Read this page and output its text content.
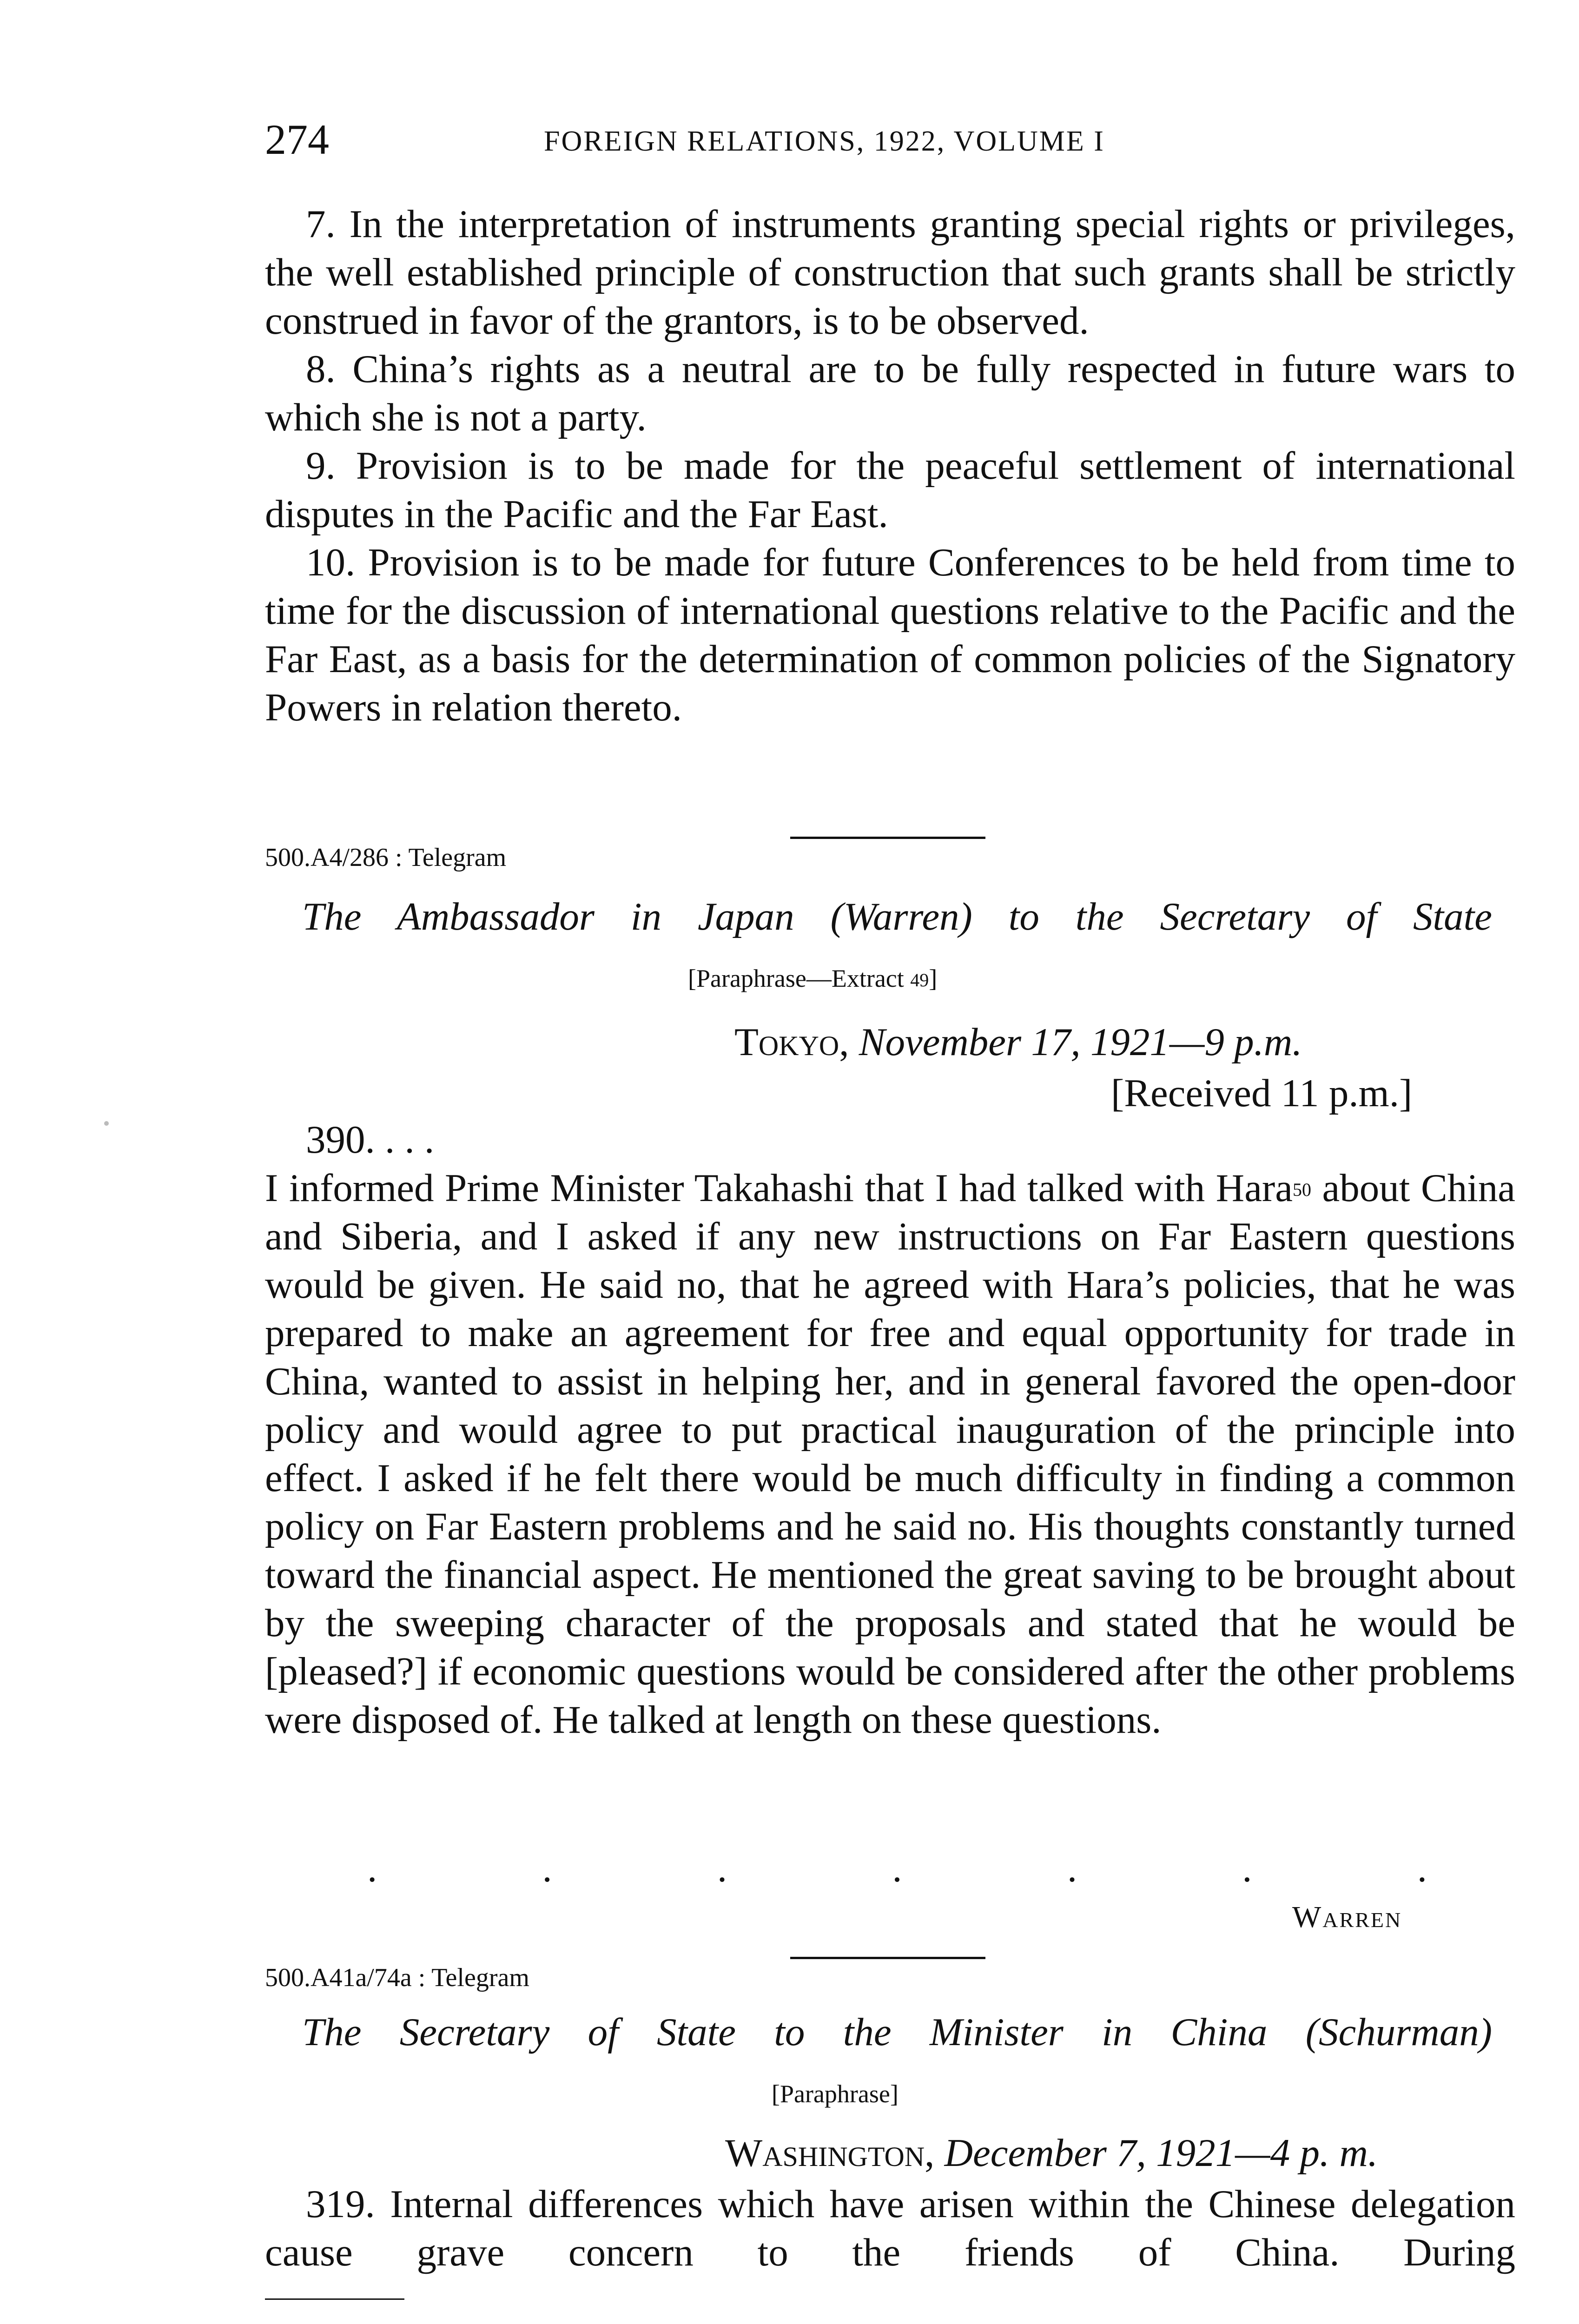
274	FOREIGN RELATIONS, 1922, VOLUME I

7. In the interpretation of instruments granting special rights or privileges, the well established principle of construction that such grants shall be strictly construed in favor of the grantors, is to be observed.

8. China’s rights as a neutral are to be fully respected in future wars to which she is not a party.

9. Provision is to be made for the peaceful settlement of international disputes in the Pacific and the Far East.

10. Provision is to be made for future Conferences to be held from time to time for the discussion of international questions relative to the Pacific and the Far East, as a basis for the determination of common policies of the Signatory Powers in relation thereto.

500.A4/286 : Telegram
The Ambassador in Japan (Warren) to the Secretary of State
[Paraphrase—Extract $^{49}$]
Tokyo, November 17, 1921—9 p.m.
[Received 11 p.m.]

390. . . .

I informed Prime Minister Takahashi that I had talked with Hara$^{50}$ about China and Siberia, and I asked if any new instructions on Far Eastern questions would be given. He said no, that he agreed with Hara’s policies, that he was prepared to make an agreement for free and equal opportunity for trade in China, wanted to assist in helping her, and in general favored the open-door policy and would agree to put practical inauguration of the principle into effect. I asked if he felt there would be much difficulty in finding a common policy on Far Eastern problems and he said no. His thoughts constantly turned toward the financial aspect. He mentioned the great saving to be brought about by the sweeping character of the proposals and stated that he would be [pleased?] if economic questions would be considered after the other problems were disposed of. He talked at length on these questions.

.	.	.	.	.	.	.
Warren
500.A41a/74a : Telegram
The Secretary of State to the Minister in China (Schurman)
[Paraphrase]
Washington, December 7, 1921—4 p. m.

319. Internal differences which have arisen within the Chinese delegation cause grave concern to the friends of China. During
